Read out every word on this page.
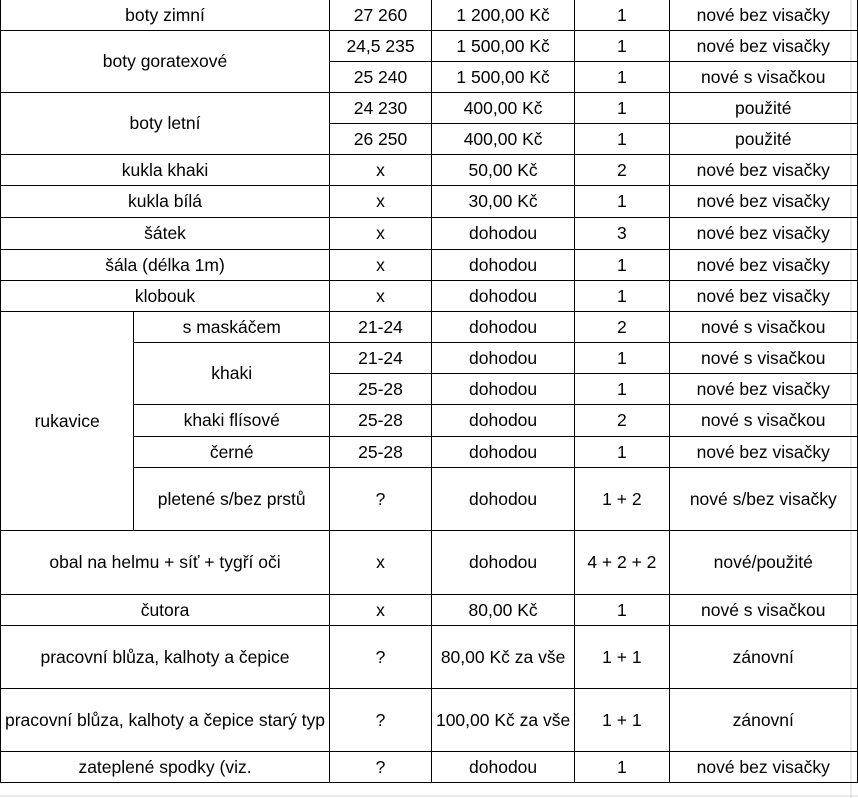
boty zimní		27 260	1 200,00 Kč	1	nové bez visačky
boty goratexové		24,5 235	1 500,00 Kč	1	nové bez visačky
		25 240	1 500,00 Kč	1	nové s visačkou
boty letní		24 230	400,00 Kč	1	použité
		26 250	400,00 Kč	1	použité
kukla khaki		x	50,00 Kč	2	nové bez visačky
kukla bílá		x	30,00 Kč	1	nové bez visačky
šátek		x	dohodou	3	nové bez visačky
šála (délka 1m)		x	dohodou	1	nové bez visačky
klobouk		x	dohodou	1	nové bez visačky
rukavice	s maskáčem	21-24	dohodou	2	nové s visačkou
	khaki	21-24	dohodou	1	nové s visačkou
		25-28	dohodou	1	nové bez visačky
	khaki flísové	25-28	dohodou	2	nové s visačkou
	černé	25-28	dohodou	1	nové bez visačky
	pletené s/bez prstů	?	dohodou	1 + 2	nové s/bez visačky
obal na helmu + síť + tygří oči		x	dohodou	4 + 2 + 2	nové/použité
čutora		x	80,00 Kč	1	nové s visačkou
pracovní blůza, kalhoty a čepice		?	80,00 Kč za vše	1 + 1	zánovní
pracovní blůza, kalhoty a čepice starý typ		?	100,00 Kč za vše	1 + 1	zánovní
zateplené spodky (viz.		?	dohodou	1	nové bez visačky
